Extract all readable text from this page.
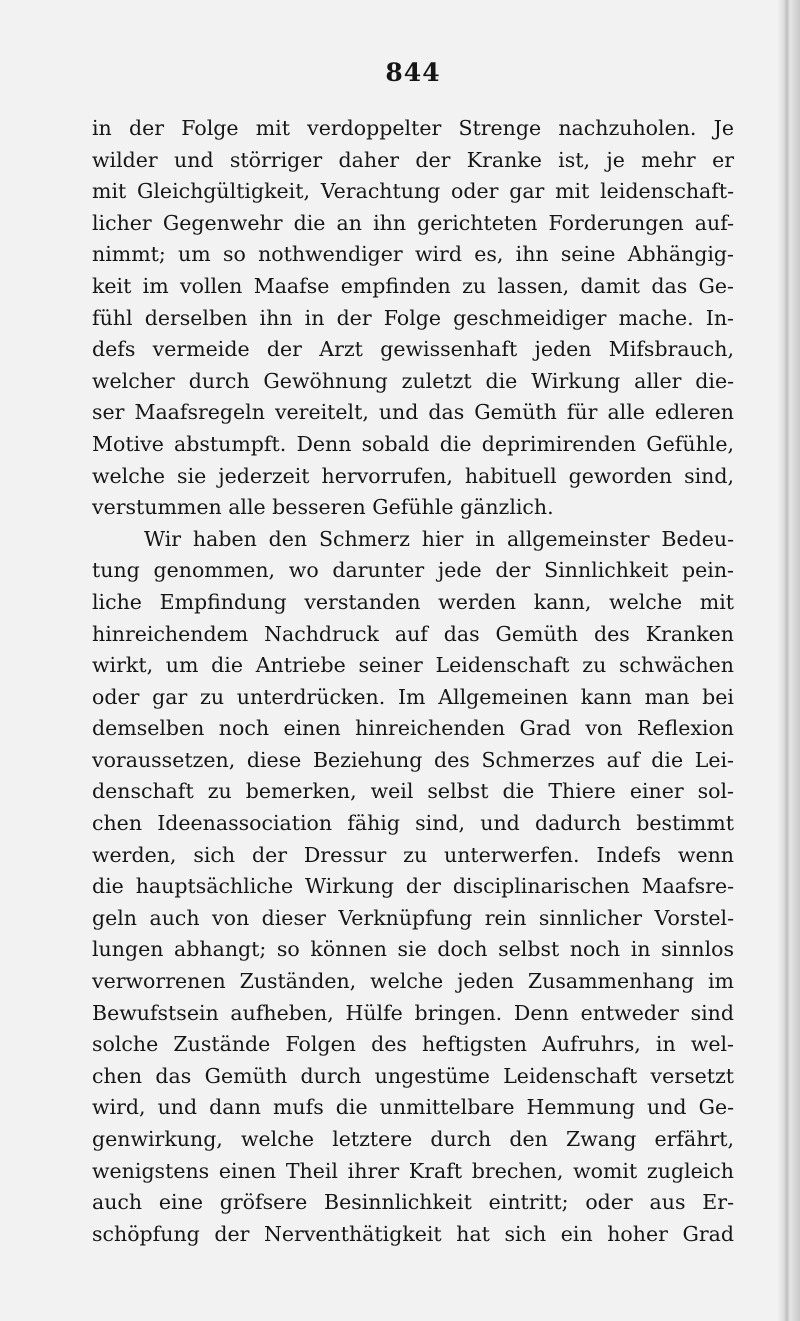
844
in der Folge mit verdoppelter Strenge nachzuholen. Je
wilder und störriger daher der Kranke ist, je mehr er
mit Gleichgültigkeit, Verachtung oder gar mit leidenschaft-
licher Gegenwehr die an ihn gerichteten Forderungen auf-
nimmt; um so nothwendiger wird es, ihn seine Abhängig-
keit im vollen Maafse empfinden zu lassen, damit das Ge-
fühl derselben ihn in der Folge geschmeidiger mache. In-
defs vermeide der Arzt gewissenhaft jeden Mifsbrauch,
welcher durch Gewöhnung zuletzt die Wirkung aller die-
ser Maafsregeln vereitelt, und das Gemüth für alle edleren
Motive abstumpft. Denn sobald die deprimirenden Gefühle,
welche sie jederzeit hervorrufen, habituell geworden sind,
verstummen alle besseren Gefühle gänzlich.
Wir haben den Schmerz hier in allgemeinster Bedeu-
tung genommen, wo darunter jede der Sinnlichkeit pein-
liche Empfindung verstanden werden kann, welche mit
hinreichendem Nachdruck auf das Gemüth des Kranken
wirkt, um die Antriebe seiner Leidenschaft zu schwächen
oder gar zu unterdrücken. Im Allgemeinen kann man bei
demselben noch einen hinreichenden Grad von Reflexion
voraussetzen, diese Beziehung des Schmerzes auf die Lei-
denschaft zu bemerken, weil selbst die Thiere einer sol-
chen Ideenassociation fähig sind, und dadurch bestimmt
werden, sich der Dressur zu unterwerfen. Indefs wenn
die hauptsächliche Wirkung der disciplinarischen Maafsre-
geln auch von dieser Verknüpfung rein sinnlicher Vorstel-
lungen abhangt; so können sie doch selbst noch in sinnlos
verworrenen Zuständen, welche jeden Zusammenhang im
Bewufstsein aufheben, Hülfe bringen. Denn entweder sind
solche Zustände Folgen des heftigsten Aufruhrs, in wel-
chen das Gemüth durch ungestüme Leidenschaft versetzt
wird, und dann mufs die unmittelbare Hemmung und Ge-
genwirkung, welche letztere durch den Zwang erfährt,
wenigstens einen Theil ihrer Kraft brechen, womit zugleich
auch eine gröfsere Besinnlichkeit eintritt; oder aus Er-
schöpfung der Nerventhätigkeit hat sich ein hoher Grad
